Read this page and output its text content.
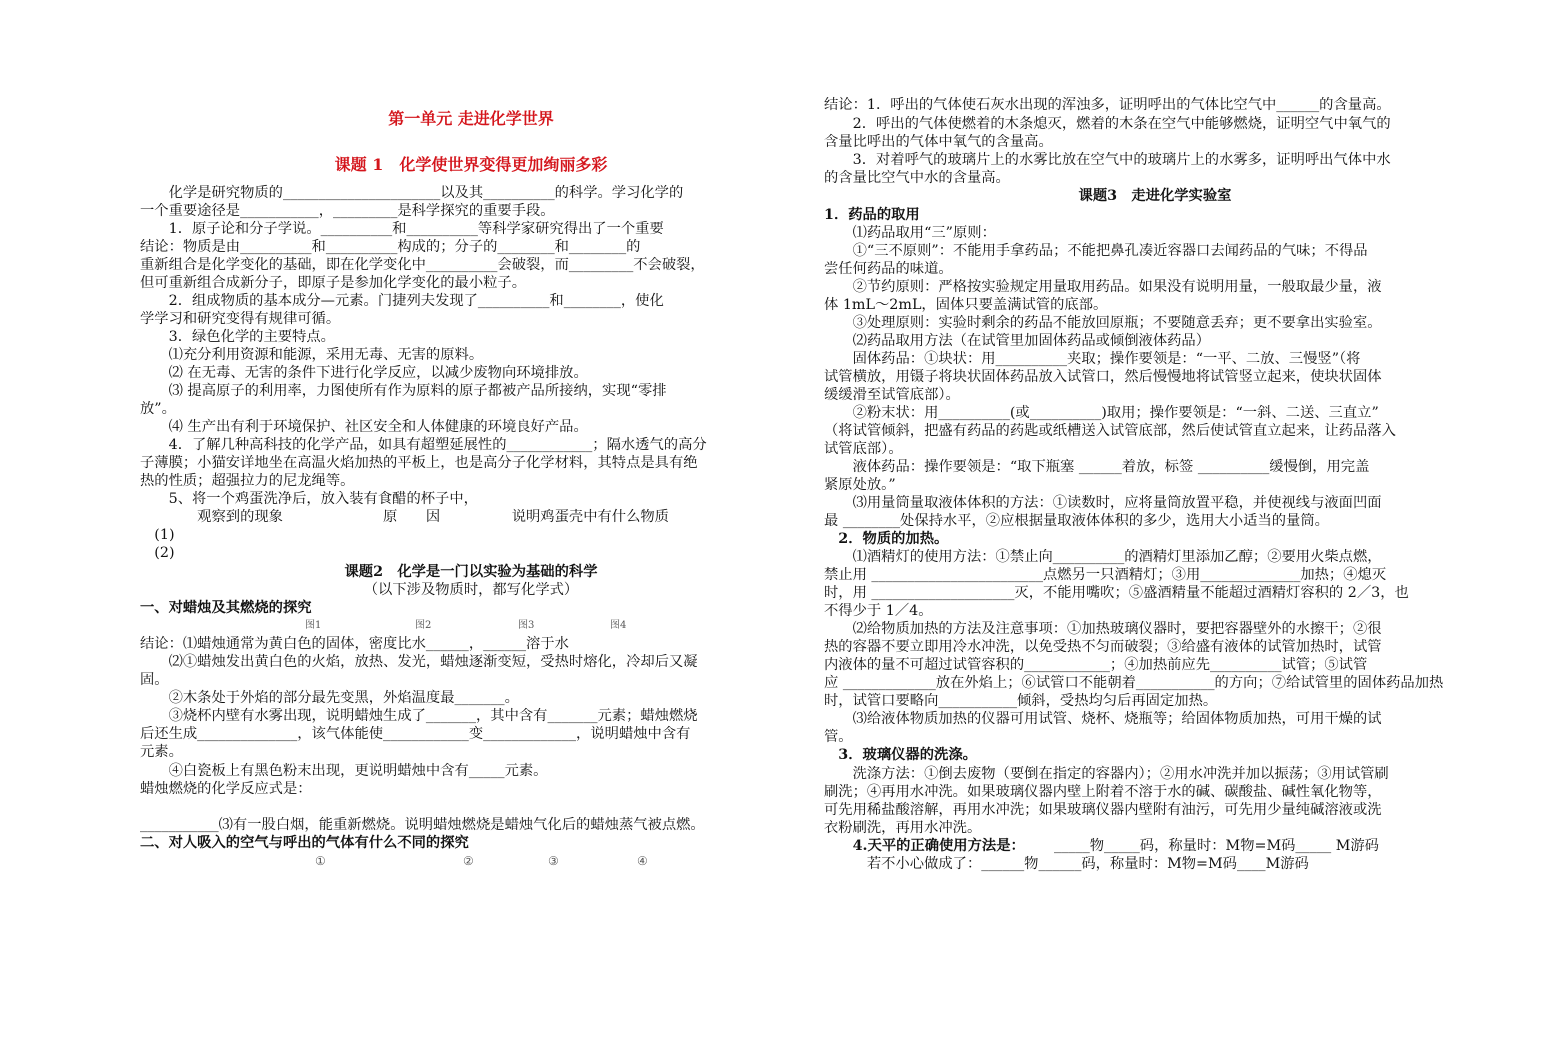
第一单元 走进化学世界
课题 1　化学使世界变得更加绚丽多彩
　　化学是研究物质的______________________以及其__________的科学。学习化学的
一个重要途径是___________，_________是科学探究的重要手段。
　　1．原子论和分子学说。__________和__________等科学家研究得出了一个重要
结论：物质是由__________和__________构成的；分子的________和________的
重新组合是化学变化的基础，即在化学变化中__________会破裂，而_________不会破裂，
但可重新组合成新分子，即原子是参加化学变化的最小粒子。
　　2．组成物质的基本成分—元素。门捷列夫发现了__________和________，使化
学学习和研究变得有规律可循。
　　3．绿色化学的主要特点。
　　⑴充分利用资源和能源，采用无毒、无害的原料。
　　⑵ 在无毒、无害的条件下进行化学反应，以减少废物向环境排放。
　　⑶ 提高原子的利用率，力图使所有作为原料的原子都被产品所接纳，实现“零排
放”。
　　⑷ 生产出有利于环境保护、社区安全和人体健康的环境良好产品。
　　4．了解几种高科技的化学产品，如具有超塑延展性的____________；隔水透气的高分
子薄膜；小猫安详地坐在高温火焰加热的平板上，也是高分子化学材料，其特点是具有绝
热的性质；超强拉力的尼龙绳等。
　　5、将一个鸡蛋洗净后，放入装有食醋的杯子中，
　　　　观察到的现象　　　　　　　原　　因　　　　　说明鸡蛋壳中有什么物质
　(1)
　(2)
课题2　化学是一门以实验为基础的科学
（以下涉及物质时，都写化学式）
一、对蜡烛及其燃烧的探究
图1	图2	图3	图4
结论：⑴蜡烛通常为黄白色的固体，密度比水______，______溶于水
　　⑵①蜡烛发出黄白色的火焰，放热、发光，蜡烛逐渐变短，受热时熔化，冷却后又凝
固。
　　②木条处于外焰的部分最先变黑，外焰温度最_______。
　　③烧杯内壁有水雾出现，说明蜡烛生成了_______，其中含有_______元素；蜡烛燃烧
后还生成______________，该气体能使____________变_____________，说明蜡烛中含有
元素。
　　④白瓷板上有黑色粉末出现，更说明蜡烛中含有_____元素。
蜡烛燃烧的化学反应式是：
___________⑶有一股白烟，能重新燃烧。说明蜡烛燃烧是蜡烛气化后的蜡烛蒸气被点燃。
二、对人吸入的空气与呼出的气体有什么不同的探究
①	②	③	④
结论：1．呼出的气体使石灰水出现的浑浊多，证明呼出的气体比空气中______的含量高。
　　2．呼出的气体使燃着的木条熄灭，燃着的木条在空气中能够燃烧，证明空气中氧气的
含量比呼出的气体中氧气的含量高。
　　3．对着呼气的玻璃片上的水雾比放在空气中的玻璃片上的水雾多，证明呼出气体中水
的含量比空气中水的含量高。
课题3　走进化学实验室
1．药品的取用
　　⑴药品取用“三”原则：
　　①“三不原则”：不能用手拿药品；不能把鼻孔凑近容器口去闻药品的气味；不得品
尝任何药品的味道。
　　②节约原则：严格按实验规定用量取用药品。如果没有说明用量，一般取最少量，液
体 1mL～2mL，固体只要盖满试管的底部。
　　③处理原则：实验时剩余的药品不能放回原瓶；不要随意丢弃；更不要拿出实验室。
　　⑵药品取用方法（在试管里加固体药品或倾倒液体药品）
　　固体药品：①块状：用__________夹取；操作要领是：“一平、二放、三慢竖”（将
试管横放，用镊子将块状固体药品放入试管口，然后慢慢地将试管竖立起来，使块状固体
缓缓滑至试管底部）。
　　②粉末状：用__________(或__________)取用；操作要领是：“一斜、二送、三直立”
（将试管倾斜，把盛有药品的药匙或纸槽送入试管底部，然后使试管直立起来，让药品落入
试管底部）。
　　液体药品：操作要领是：“取下瓶塞 ______着放，标签 __________缓慢倒，用完盖
紧原处放。”
　　⑶用量筒量取液体体积的方法：①读数时，应将量筒放置平稳，并使视线与液面凹面
最 ________处保持水平，②应根据量取液体体积的多少，选用大小适当的量筒。
　2．物质的加热。
　　⑴酒精灯的使用方法：①禁止向__________的酒精灯里添加乙醇；②要用火柴点燃，
禁止用 ________________________点燃另一只酒精灯；③用______________加热；④熄灭
时，用 ____________________灭，不能用嘴吹；⑤盛酒精量不能超过酒精灯容积的 2／3，也
不得少于 1／4。
　　⑵给物质加热的方法及注意事项：①加热玻璃仪器时，要把容器壁外的水擦干；②很
热的容器不要立即用冷水冲洗，以免受热不匀而破裂；③给盛有液体的试管加热时，试管
内液体的量不可超过试管容积的____________；④加热前应先__________试管；⑤试管
应 _____________放在外焰上；⑥试管口不能朝着___________的方向；⑦给试管里的固体药品加热
时，试管口要略向___________倾斜，受热均匀后再固定加热。
　　⑶给液体物质加热的仪器可用试管、烧杯、烧瓶等；给固体物质加热，可用干燥的试
管。
　3．玻璃仪器的洗涤。
　　洗涤方法：①倒去废物（要倒在指定的容器内）；②用水冲洗并加以振荡；③用试管刷
刷洗；④再用水冲洗。如果玻璃仪器内壁上附着不溶于水的碱、碳酸盐、碱性氧化物等，
可先用稀盐酸溶解，再用水冲洗；如果玻璃仪器内壁附有油污，可先用少量纯碱溶液或洗
衣粉刷洗，再用水冲洗。
　　4.天平的正确使用方法是：	_____物_____码，称量时：M物=M码_____ M游码
　　　若不小心做成了：______物______码，称量时：M物=M码____M游码
